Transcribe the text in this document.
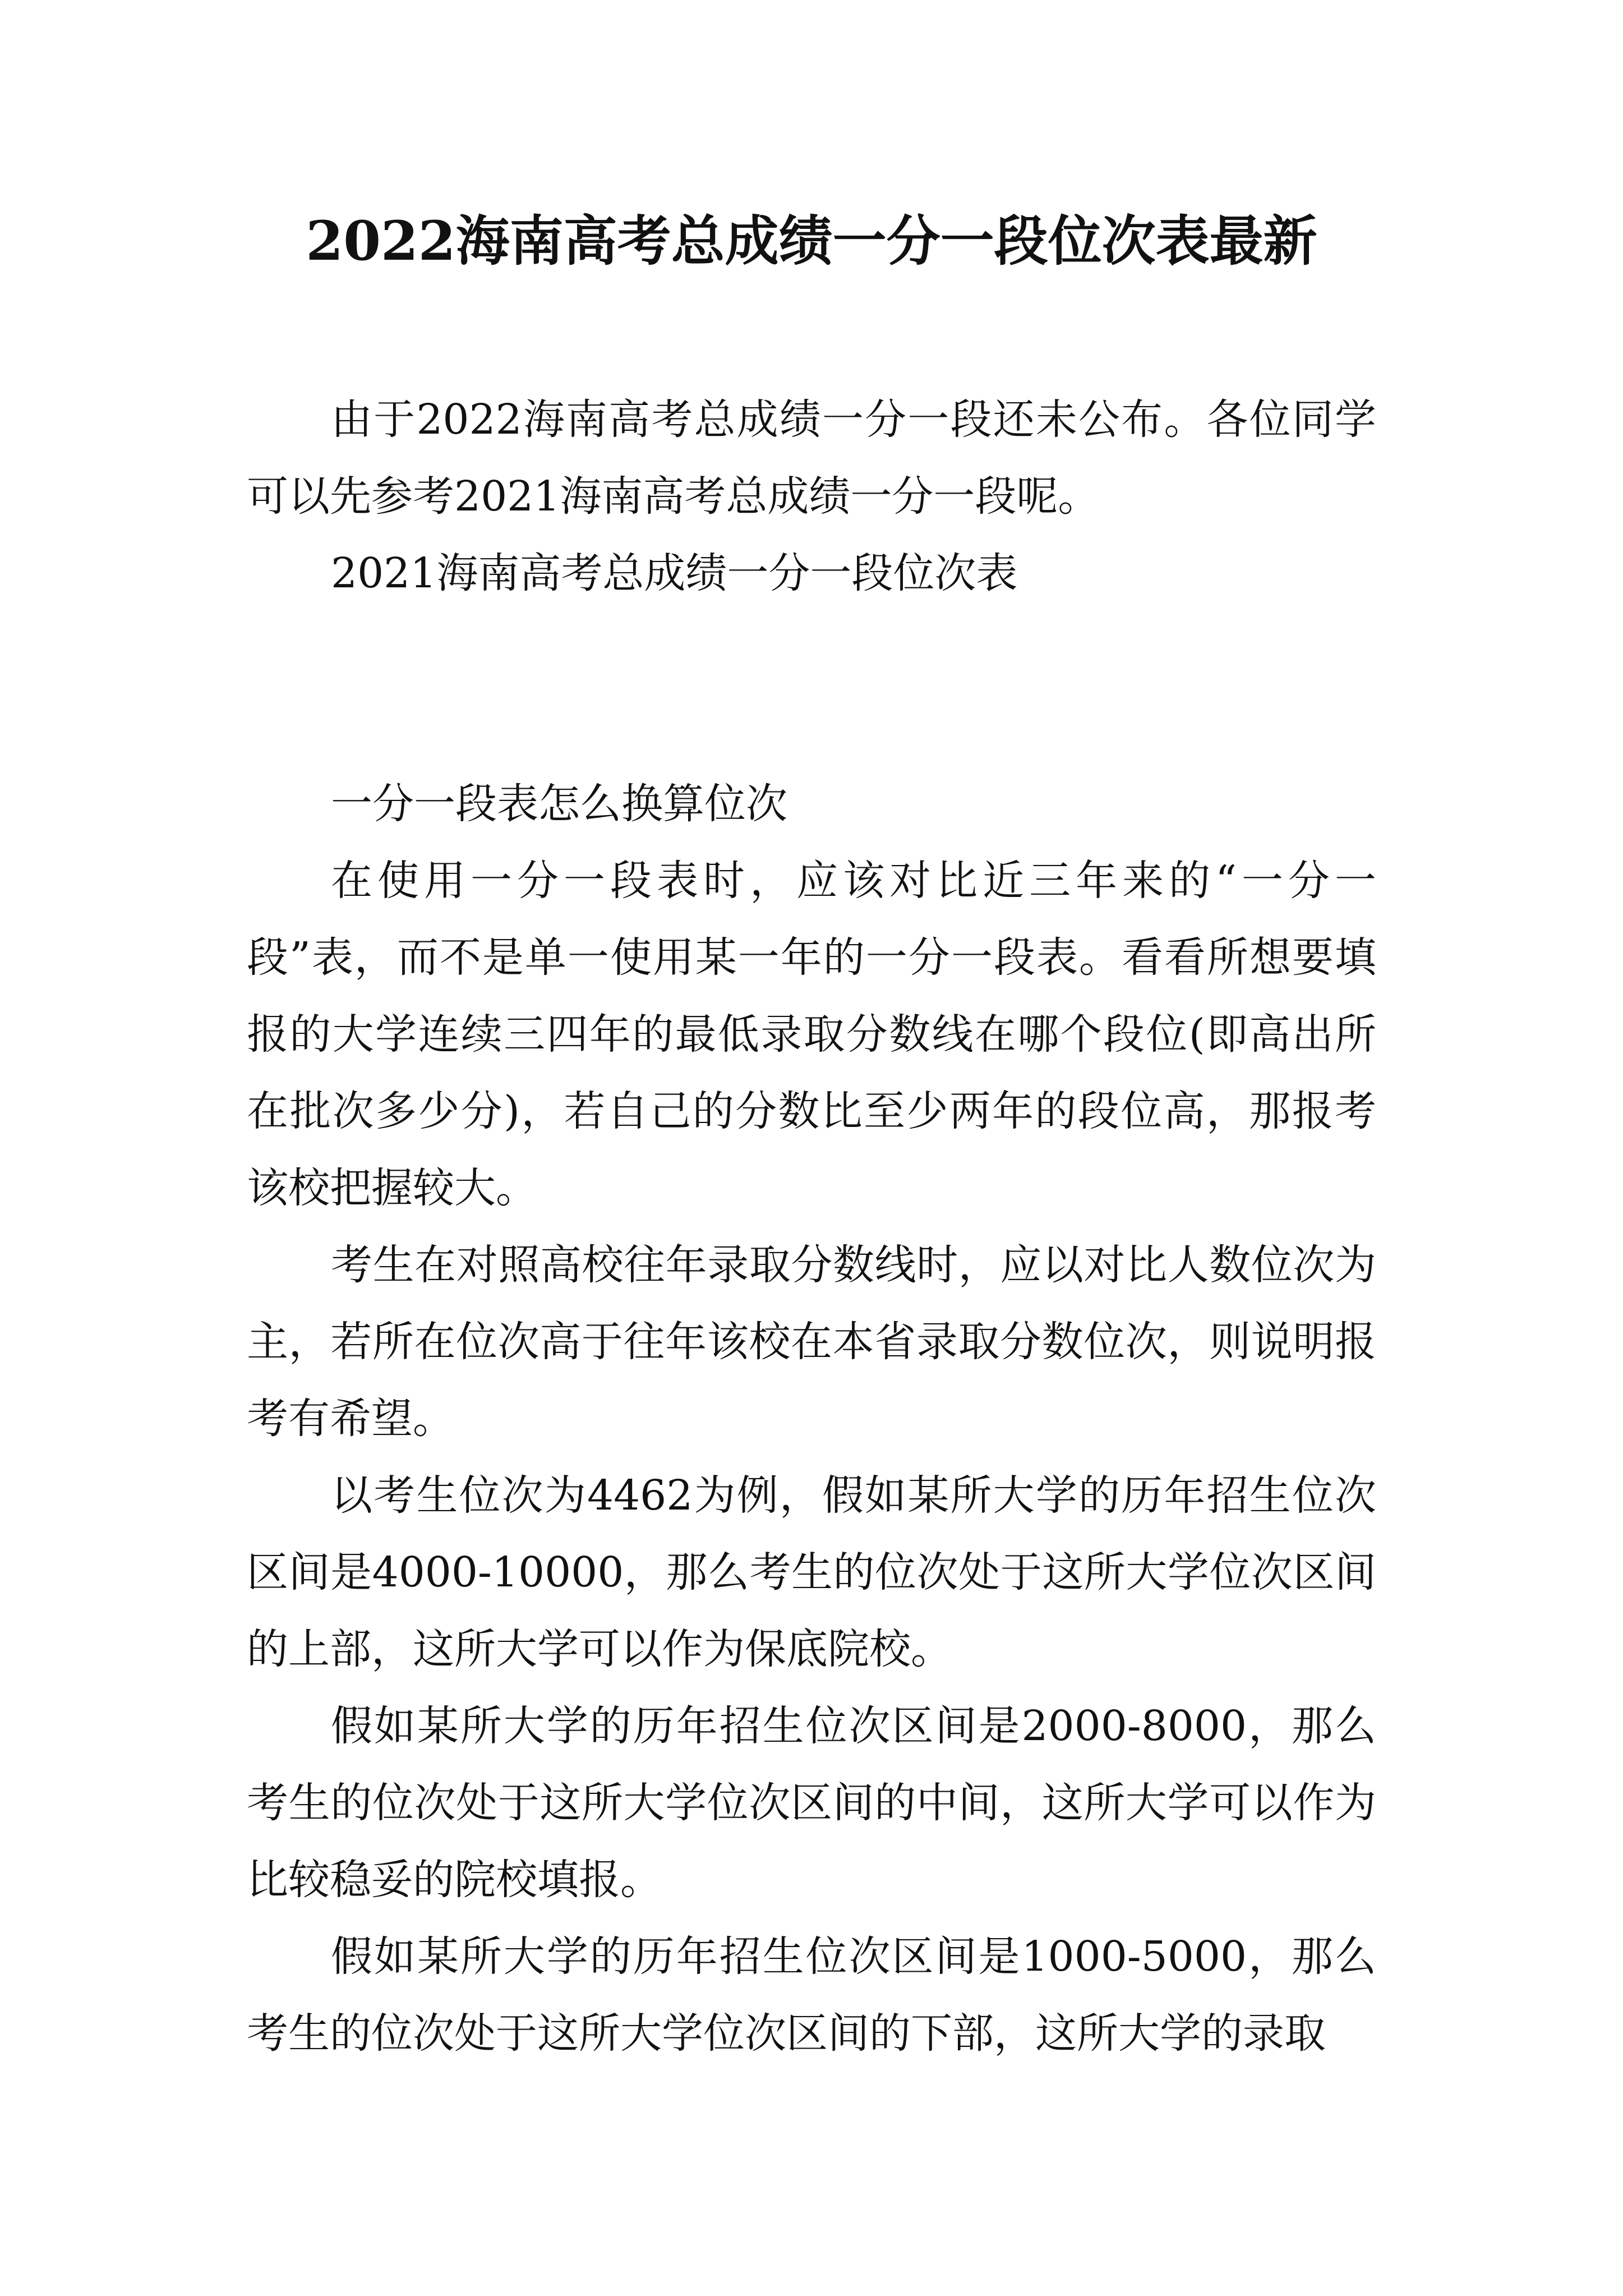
2022海南高考总成绩一分一段位次表最新

由于2022海南高考总成绩一分一段还未公布。各位同学可以先参考2021海南高考总成绩一分一段呢。

2021海南高考总成绩一分一段位次表

一分一段表怎么换算位次

在使用一分一段表时，应该对比近三年来的“一分一段”表，而不是单一使用某一年的一分一段表。看看所想要填报的大学连续三四年的最低录取分数线在哪个段位(即高出所在批次多少分)，若自己的分数比至少两年的段位高，那报考该校把握较大。

考生在对照高校往年录取分数线时，应以对比人数位次为主，若所在位次高于往年该校在本省录取分数位次，则说明报考有希望。

以考生位次为4462为例，假如某所大学的历年招生位次区间是4000-10000，那么考生的位次处于这所大学位次区间的上部，这所大学可以作为保底院校。

假如某所大学的历年招生位次区间是2000-8000，那么考生的位次处于这所大学位次区间的中间，这所大学可以作为比较稳妥的院校填报。

假如某所大学的历年招生位次区间是1000-5000，那么考生的位次处于这所大学位次区间的下部，这所大学的录取
